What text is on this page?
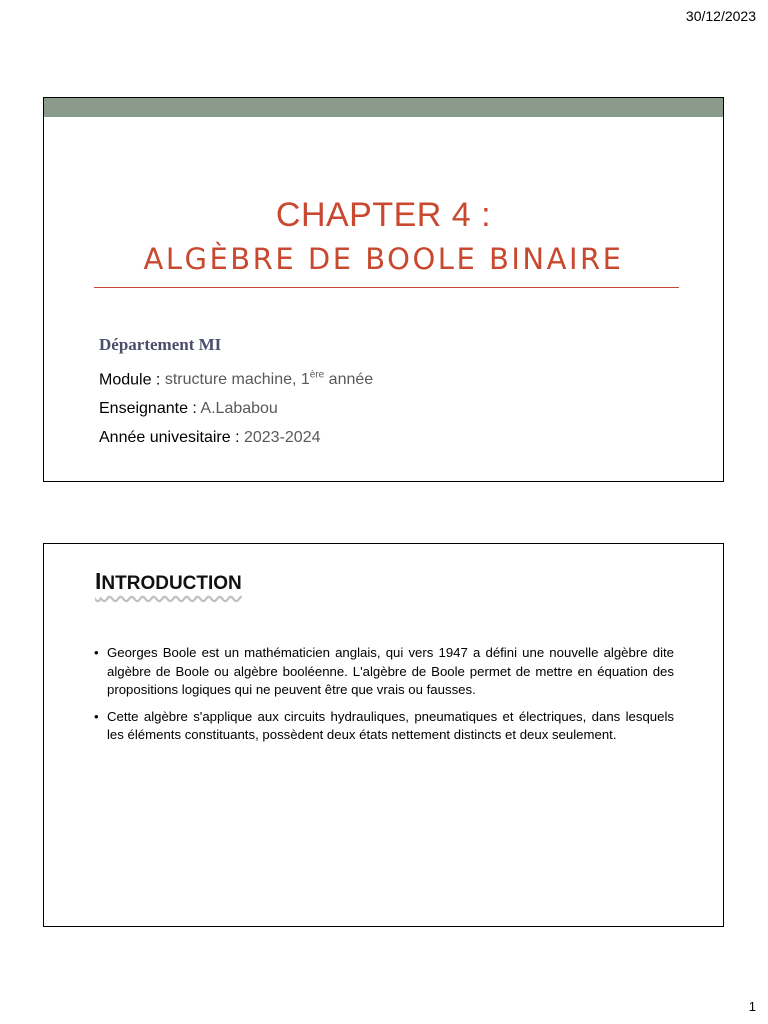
30/12/2023
CHAPTER 4 :
ALGÈBRE DE BOOLE BINAIRE
Département MI
Module : structure machine, 1ère année
Enseignante : A.Lababou
Année univesitaire : 2023-2024
INTRODUCTION
• Georges Boole est un mathématicien anglais, qui vers 1947 a défini une nouvelle algèbre dite algèbre de Boole ou algèbre booléenne. L'algèbre de Boole permet de mettre en équation des propositions logiques qui ne peuvent être que vrais ou fausses.
• Cette algèbre s'applique aux circuits hydrauliques, pneumatiques et électriques, dans lesquels les éléments constituants, possèdent deux états nettement distincts et deux seulement.
1
